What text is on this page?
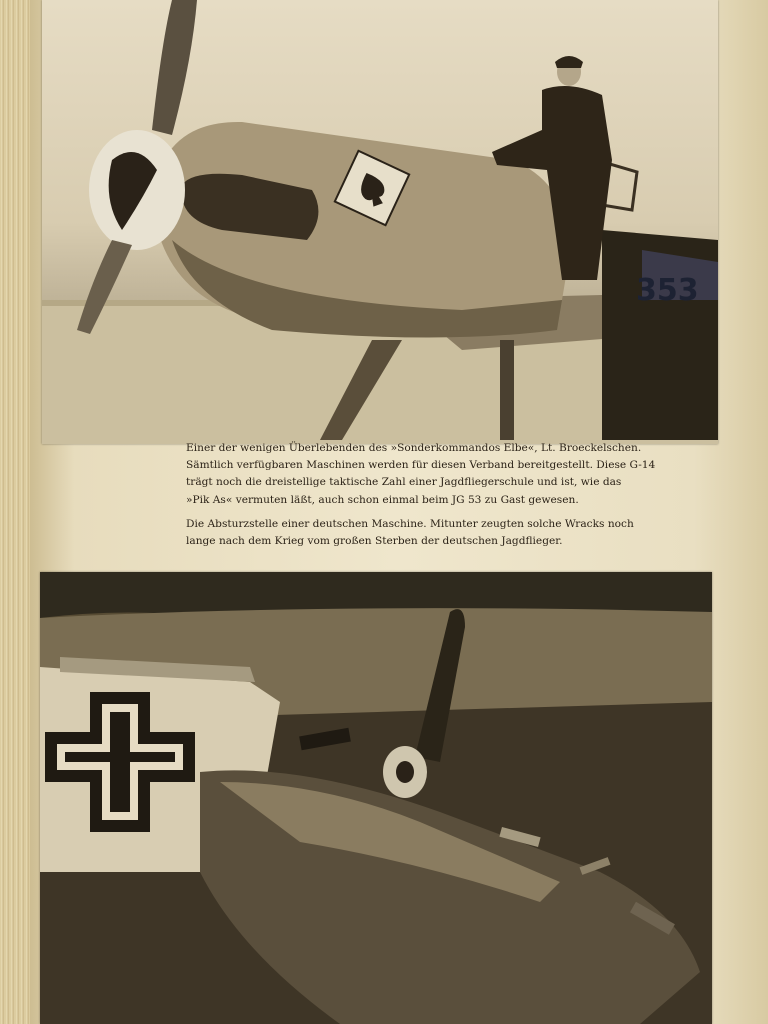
353

Einer der wenigen Überlebenden des »Sonderkommandos Elbe«, Lt. Broeckelschen.
Sämtlich verfügbaren Maschinen werden für diesen Verband bereitgestellt. Diese G-14
trägt noch die dreistellige taktische Zahl einer Jagdfliegerschule und ist, wie das
»Pik As« vermuten läßt, auch schon einmal beim JG 53 zu Gast gewesen.

Die Absturzstelle einer deutschen Maschine. Mitunter zeugten solche Wracks noch
lange nach dem Krieg vom großen Sterben der deutschen Jagdflieger.
